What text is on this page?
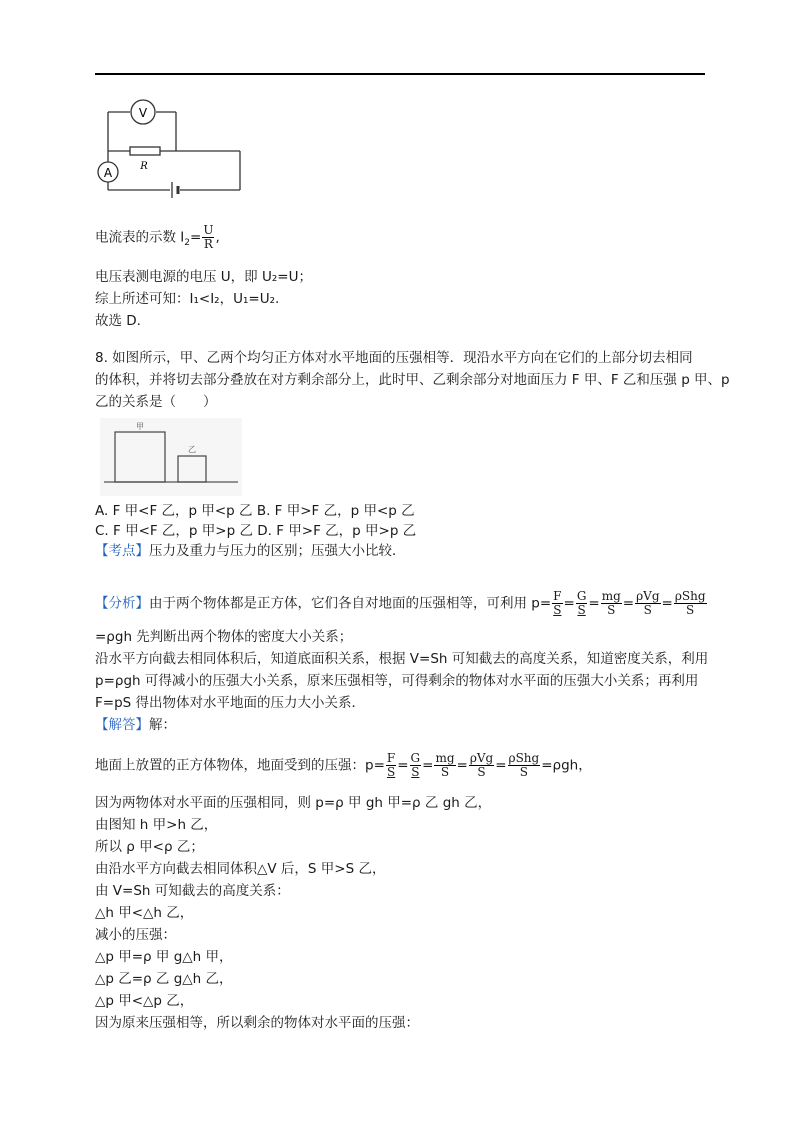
V
A	R
电流表的示数 $I_2= \frac{U}{R}$ ,
电压表测电源的电压 U，即 U₂=U；
综上所述可知：I₁<I₂，U₁=U₂.
故选 D.
8. 如图所示，甲、乙两个均匀正方体对水平地面的压强相等．现沿水平方向在它们的上部分切去相同
的体积，并将切去部分叠放在对方剩余部分上，此时甲、乙剩余部分对地面压力 F 甲、F 乙和压强 p 甲、p
乙的关系是（　　）
甲
乙
A. F 甲<F 乙，p 甲<p 乙 B. F 甲>F 乙，p 甲<p 乙
C. F 甲<F 乙，p 甲>p 乙 D. F 甲>F 乙，p 甲>p 乙
【考点】压力及重力与压力的区别；压强大小比较．
【分析】由于两个物体都是正方体，它们各自对地面的压强相等，可利用 $p= \frac{F}{S} = \frac{G}{S} = \frac{mg}{S} = \frac{\text{ρVg}}{S} = \frac{\text{ρShg}}{S}$
=ρgh 先判断出两个物体的密度大小关系；
沿水平方向截去相同体积后，知道底面积关系，根据 V=Sh 可知截去的高度关系，知道密度关系，利用
p=ρgh 可得减小的压强大小关系，原来压强相等，可得剩余的物体对水平面的压强大小关系；再利用
F=pS 得出物体对水平地面的压力大小关系．
【解答】解：
地面上放置的正方体物体，地面受到的压强：$p= \frac{F}{S} = \frac{G}{S} = \frac{mg}{S} = \frac{\text{ρVg}}{S} = \frac{\text{ρShg}}{S} =\rho gh$，
因为两物体对水平面的压强相同，则 p=ρ 甲 gh 甲=ρ 乙 gh 乙，
由图知 h 甲>h 乙，
所以 ρ 甲<ρ 乙；
由沿水平方向截去相同体积△V 后，S 甲>S 乙，
由 V=Sh 可知截去的高度关系：
△h 甲<△h 乙，
减小的压强：
△p 甲=ρ 甲 g△h 甲，
△p 乙=ρ 乙 g△h 乙，
△p 甲<△p 乙，
因为原来压强相等，所以剩余的物体对水平面的压强：
